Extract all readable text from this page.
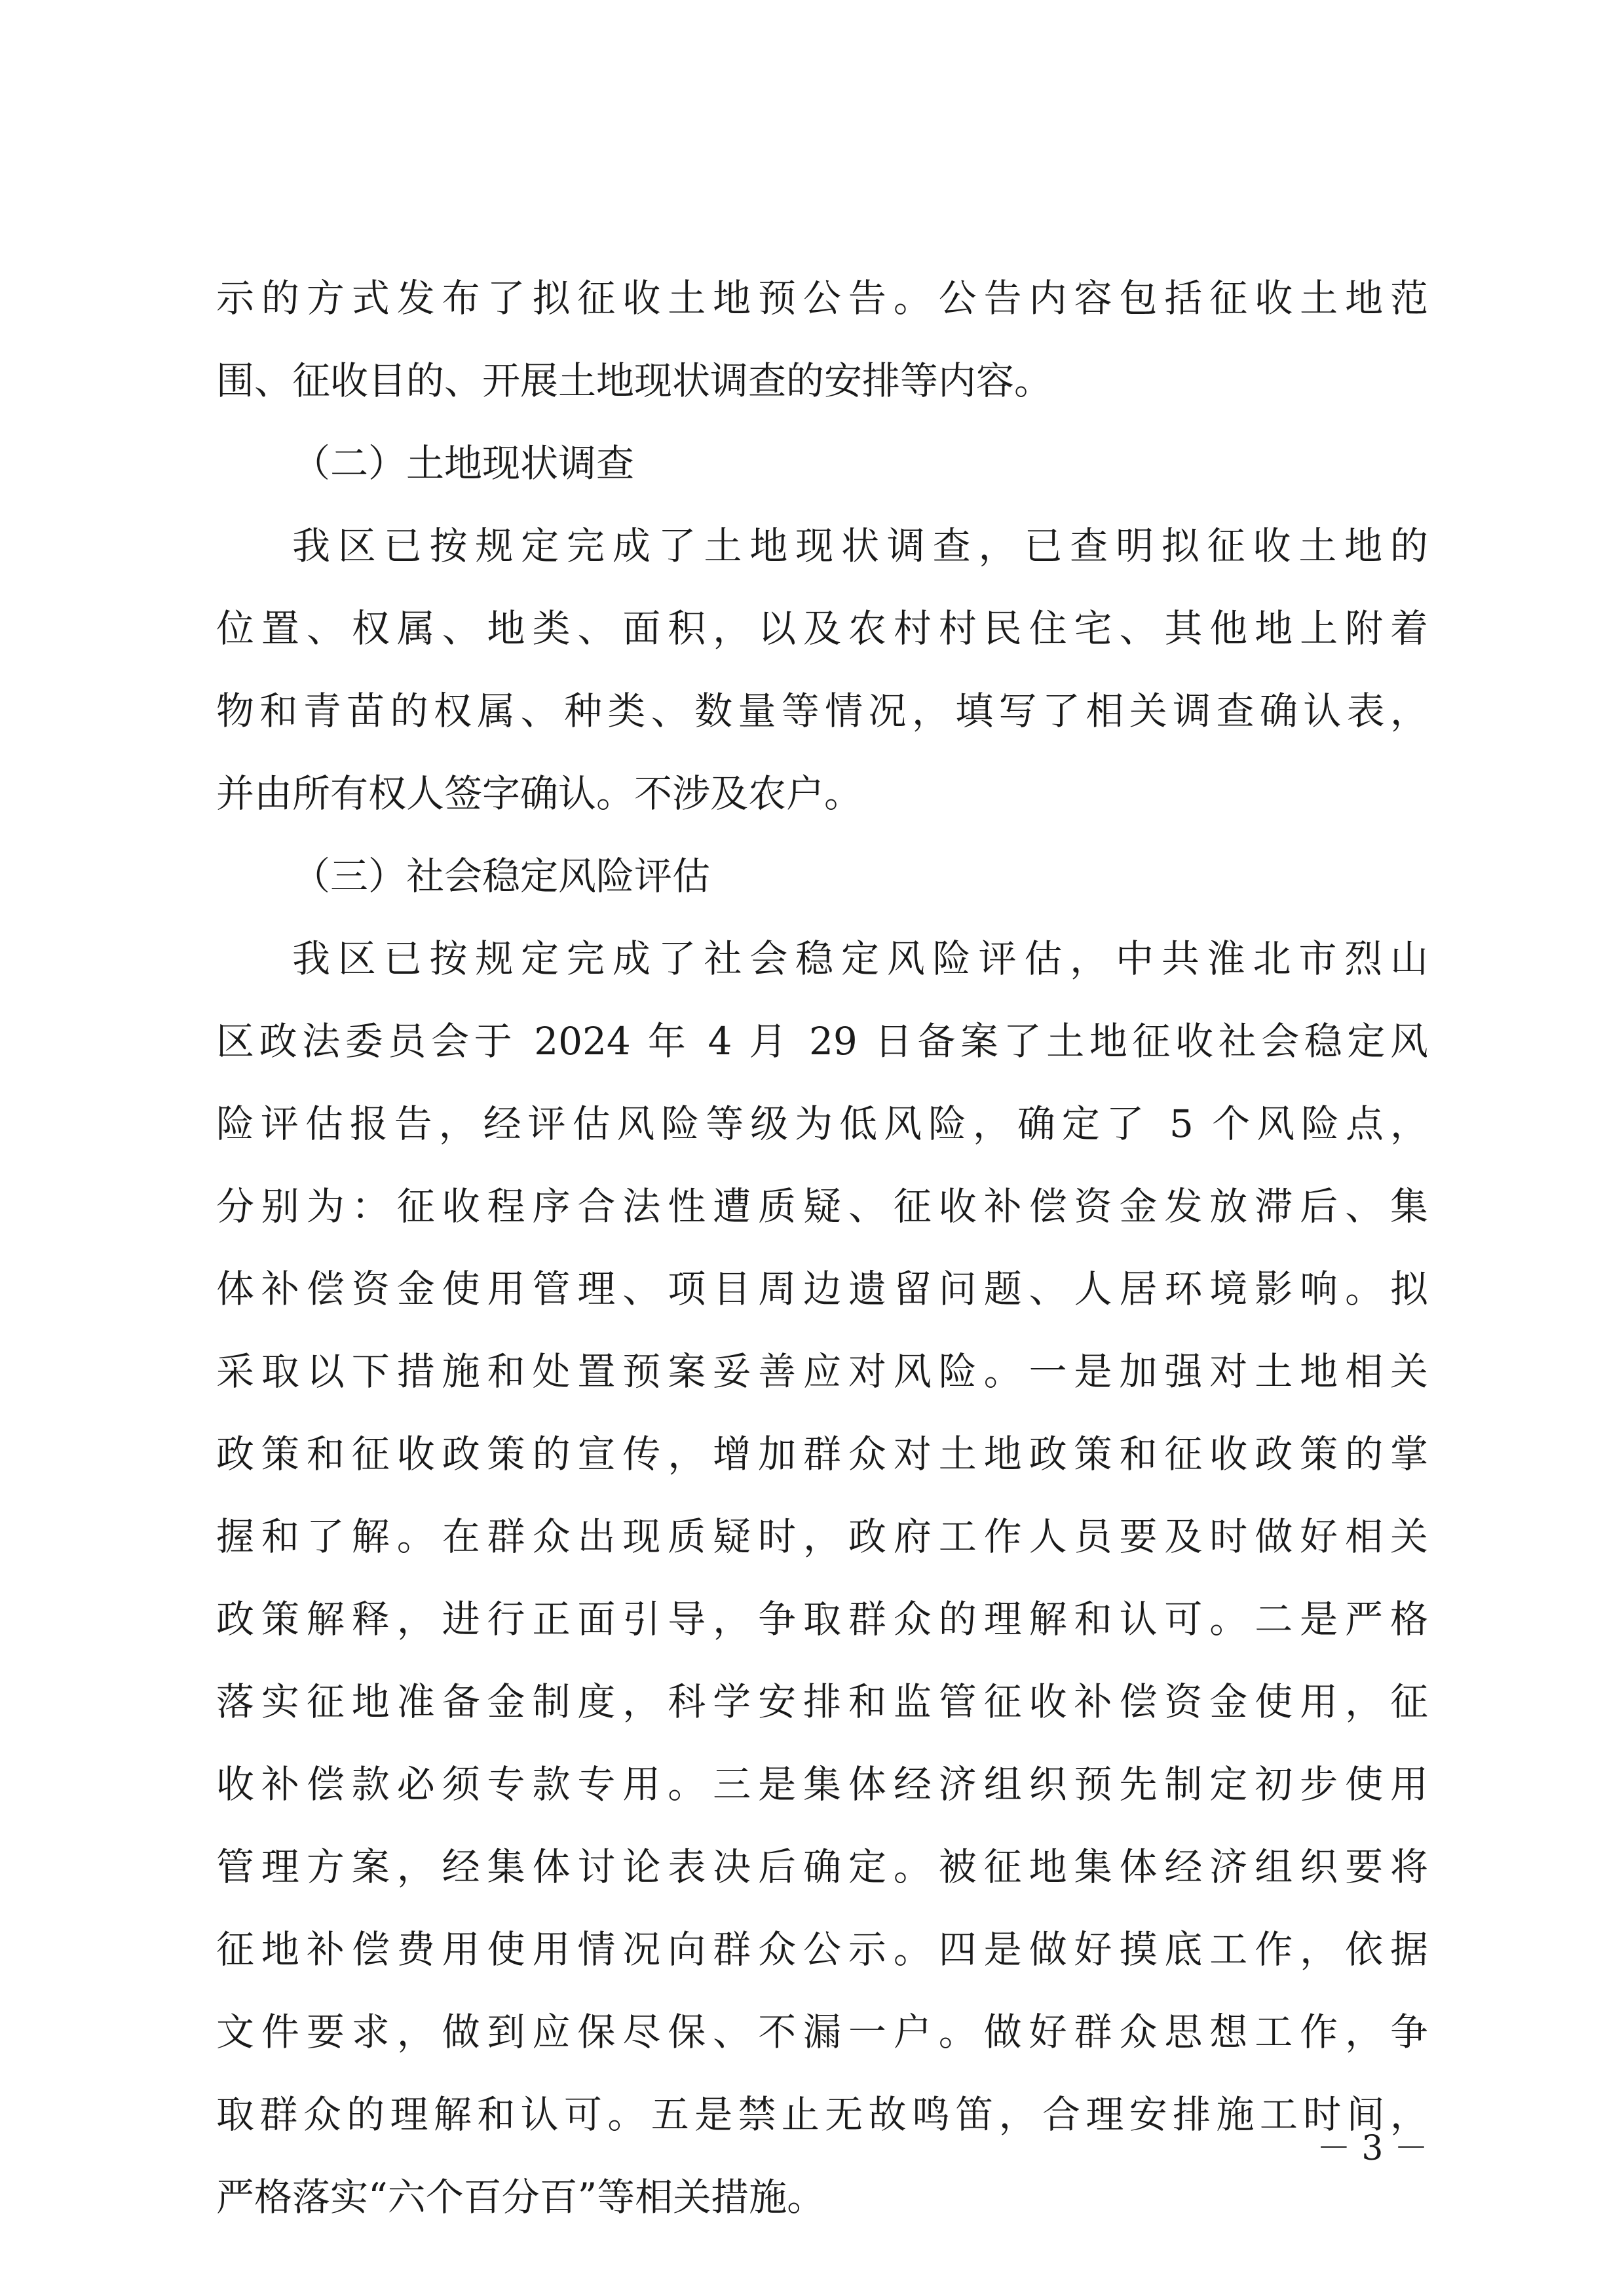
示的方式发布了拟征收土地预公告。公告内容包括征收土地范
围、征收目的、开展土地现状调查的安排等内容。
（二）土地现状调查
我区已按规定完成了土地现状调查，已查明拟征收土地的
位置、权属、地类、面积，以及农村村民住宅、其他地上附着
物和青苗的权属、种类、数量等情况，填写了相关调查确认表，
并由所有权人签字确认。不涉及农户。
（三）社会稳定风险评估
我区已按规定完成了社会稳定风险评估，中共淮北市烈山
区政法委员会于 2024 年 4 月 29 日备案了土地征收社会稳定风
险评估报告，经评估风险等级为低风险，确定了 5 个风险点，
分别为：征收程序合法性遭质疑、征收补偿资金发放滞后、集
体补偿资金使用管理、项目周边遗留问题、人居环境影响。拟
采取以下措施和处置预案妥善应对风险。一是加强对土地相关
政策和征收政策的宣传，增加群众对土地政策和征收政策的掌
握和了解。在群众出现质疑时，政府工作人员要及时做好相关
政策解释，进行正面引导，争取群众的理解和认可。二是严格
落实征地准备金制度，科学安排和监管征收补偿资金使用，征
收补偿款必须专款专用。三是集体经济组织预先制定初步使用
管理方案，经集体讨论表决后确定。被征地集体经济组织要将
征地补偿费用使用情况向群众公示。四是做好摸底工作，依据
文件要求，做到应保尽保、不漏一户。做好群众思想工作，争
取群众的理解和认可。五是禁止无故鸣笛，合理安排施工时间，
严格落实“六个百分百”等相关措施。
－ 3 －
